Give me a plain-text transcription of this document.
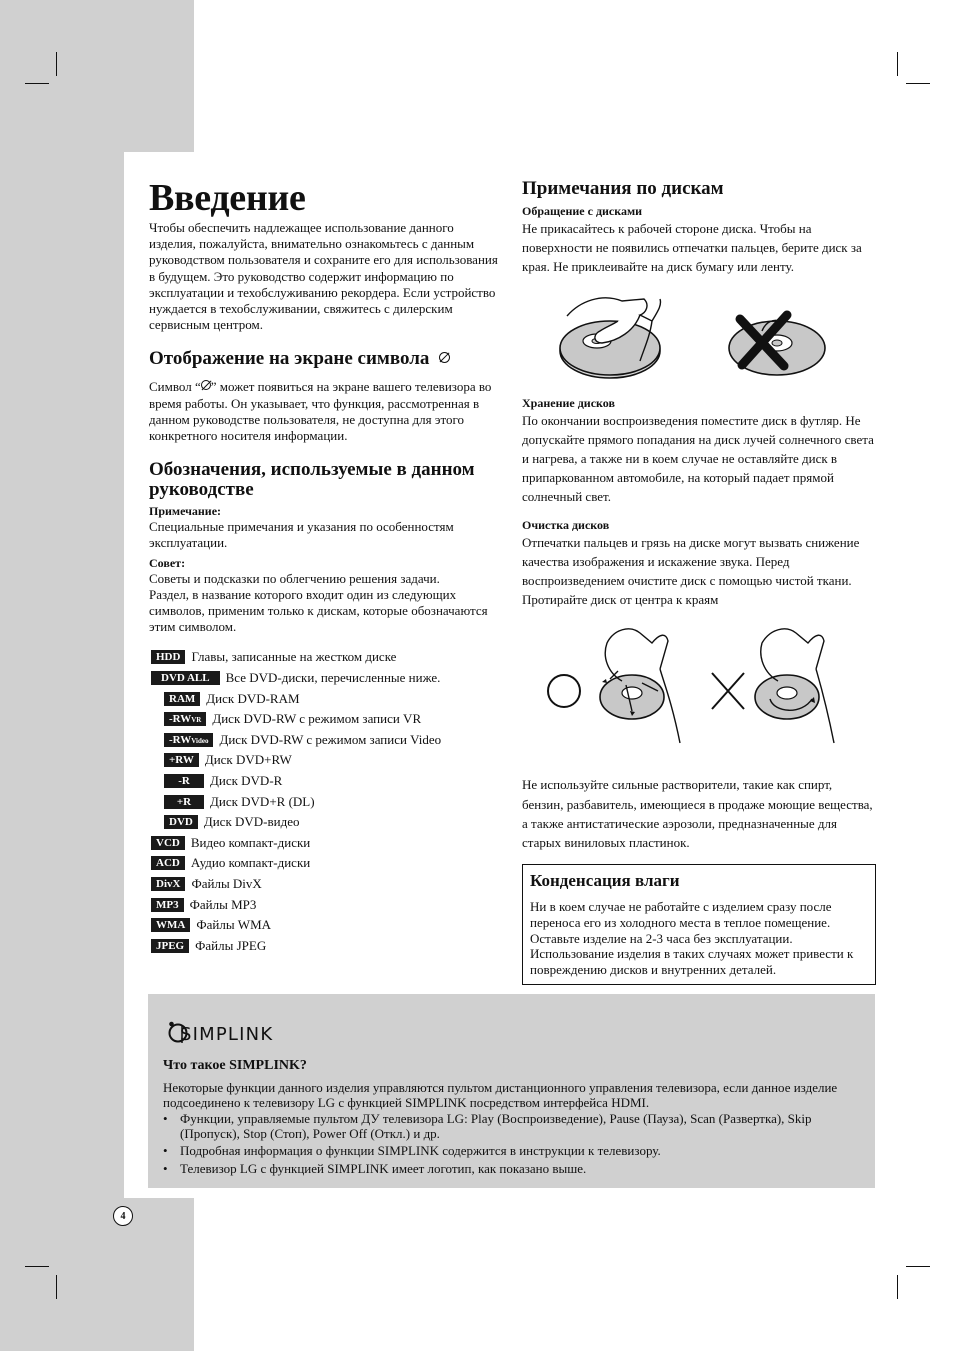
4
Введение

Чтобы обеспечить надлежащее использование данного изделия, пожалуйста, внимательно ознакомьтесь с данным руководством пользователя и сохраните его для использования в будущем. Это руководство содержит информацию по эксплуатации и техобслуживанию рекордера. Если устройство нуждается в техобслуживании, свяжитесь с дилерским сервисным центром.

Отображение на экране символа

Символ “ ” может появиться на экране вашего телевизора во время работы. Он указывает, что функция, рассмотренная в данном руководстве пользователя, не доступна для этого конкретного носителя информации.

Обозначения, используемые в данном руководстве

Примечание:

Специальные примечания и указания по особенностям эксплуатации.

Совет:

Советы и подсказки по облегчению решения задачи.

Раздел, в название которого входит один из следующих символов, применим только к дискам, которые обозначаются этим символом.

HDD Главы, записанные на жестком диске
DVD ALL Все DVD-диски, перечисленные ниже.
RAM Диск DVD-RAM
-RWVR Диск DVD-RW с режимом записи VR
-RWVideo Диск DVD-RW с режимом записи Video
+RW Диск DVD+RW
-R Диск DVD-R
+R Диск DVD+R (DL)
DVD Диск DVD-видео
VCD Видео компакт-диски
ACD Аудио компакт-диски
DivX Файлы DivX
MP3 Файлы MP3
WMA Файлы WMA
JPEG Файлы JPEG
Примечания по дискам

Обращение с дисками

Не прикасайтесь к рабочей стороне диска. Чтобы на поверхности не появились отпечатки пальцев, берите диск за края. Не приклеивайте на диск бумагу или ленту.

Хранение дисков

По окончании воспроизведения поместите диск в футляр. Не допускайте прямого попадания на диск лучей солнечного света и нагрева, а также ни в коем случае не оставляйте диск в припаркованном автомобиле, на который падает прямой солнечный свет.

Очистка дисков

Отпечатки пальцев и грязь на диске могут вызвать снижение качества изображения и искажение звука. Перед воспроизведением очистите диск с помощью чистой ткани. Протирайте диск от центра к краям

Не используйте сильные растворители, такие как спирт, бензин, разбавитель, имеющиеся в продаже моющие вещества, а также антистатические аэрозоли, предназначенные для старых виниловых пластинок.

Конденсация влаги

Ни в коем случае не работайте с изделием сразу после переноса его из холодного места в теплое помещение. Оставьте изделие на 2-3 часа без эксплуатации. Использование изделия в таких случаях может привести к повреждению дисков и внутренних деталей.

SIMPLINK

Что такое SIMPLINK?

Некоторые функции данного изделия управляются пультом дистанционного управления телевизора, если данное изделие подсоединено к телевизору LG с функцией SIMPLINK посредством интерфейса HDMI.

• Функции, управляемые пультом ДУ телевизора LG: Play (Воспроизведение), Pause (Пауза), Scan (Развертка), Skip (Пропуск), Stop (Стоп), Power Off (Откл.) и др.
• Подробная информация о функции SIMPLINK содержится в инструкции к телевизору.
• Телевизор LG с функцией SIMPLINK имеет логотип, как показано выше.
